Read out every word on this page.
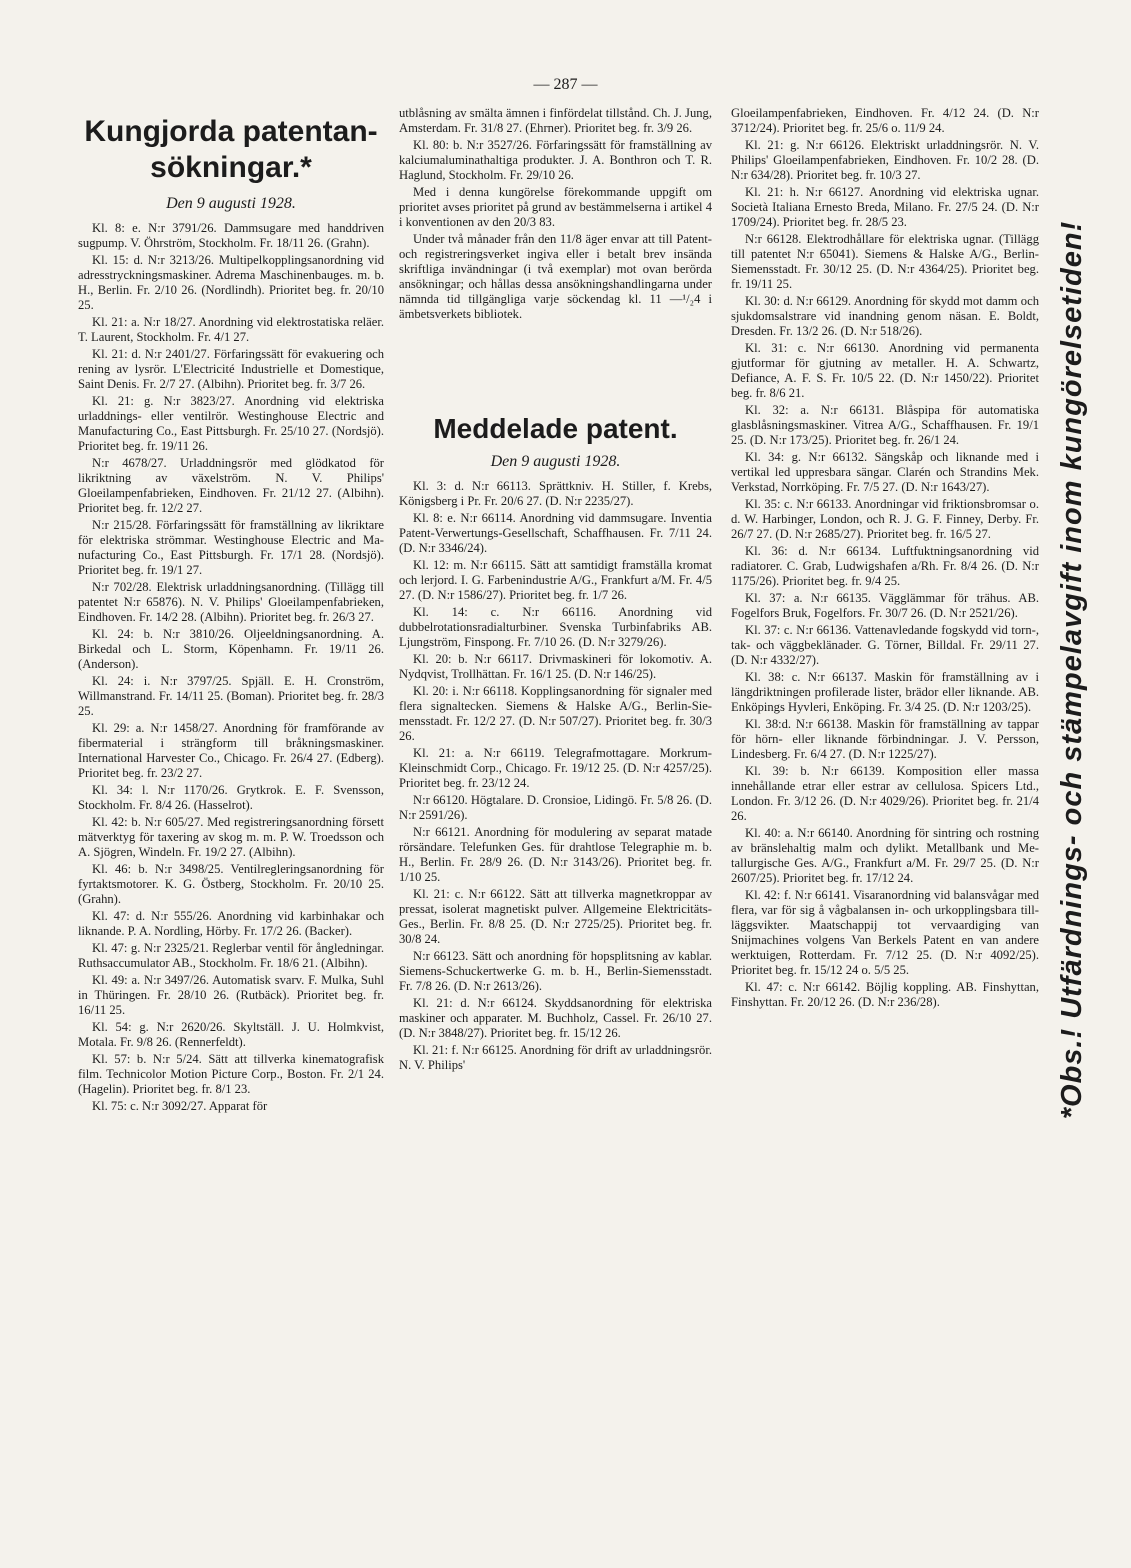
— 287 —
Kungjorda patentansökningar.*
Den 9 augusti 1928.

Kl. 8: e. N:r 3791/26. Dammsugare med handdriven sugpump. V. Öhrström, Stockholm. Fr. 18/11 26. (Grahn).

Kl. 15: d. N:r 3213/26. Multipelkopplingsanordning vid adresstryckningsmaskiner. Adrema Maschinenbauges. m. b. H., Berlin. Fr. 2/10 26. (Nordlindh). Prioritet beg. fr. 20/10 25.

Kl. 21: a. N:r 18/27. Anordning vid elektrostatiska reläer. T. Laurent, Stockholm. Fr. 4/1 27.

Kl. 21: d. N:r 2401/27. Förfaringssätt för evakuering och rening av lysrör. L'Electricité Industrielle et Domestique, Saint Denis. Fr. 2/7 27. (Albihn). Prioritet beg. fr. 3/7 26.

Kl. 21: g. N:r 3823/27. Anordning vid elektriska urladdnings- eller ventilrör. Westinghouse Electric and Manufacturing Co., East Pittsburgh. Fr. 25/10 27. (Nordsjö). Prioritet beg. fr. 19/11 26.

N:r 4678/27. Urladdningsrör med glödkatod för likriktning av växelström. N. V. Philips' Gloeilampenfabrieken, Eindhoven. Fr. 21/12 27. (Albihn). Prioritet beg. fr. 12/2 27.

N:r 215/28. Förfaringssätt för framställning av likriktare för elektriska strömmar. Westinghouse Electric and Manufacturing Co., East Pittsburgh. Fr. 17/1 28. (Nordsjö). Prioritet beg. fr. 19/1 27.

N:r 702/28. Elektrisk urladdningsanordning. (Tillägg till patentet N:r 65876). N. V. Philips' Gloeilampenfabrieken, Eindhoven. Fr. 14/2 28. (Albihn). Prioritet beg. fr. 26/3 27.

Kl. 24: b. N:r 3810/26. Oljeeldningsanordning. A. Birkedal och L. Storm, Köpenhamn. Fr. 19/11 26. (Anderson).

Kl. 24: i. N:r 3797/25. Spjäll. E. H. Cronström, Willmanstrand. Fr. 14/11 25. (Boman). Prioritet beg. fr. 28/3 25.

Kl. 29: a. N:r 1458/27. Anordning för framförande av fibermaterial i strängform till bråkningsmaskiner. International Harvester Co., Chicago. Fr. 26/4 27. (Edberg). Prioritet beg. fr. 23/2 27.

Kl. 34: l. N:r 1170/26. Grytkrok. E. F. Svensson, Stockholm. Fr. 8/4 26. (Hasselrot).

Kl. 42: b. N:r 605/27. Med registreringsanordning försett mätverktyg för taxering av skog m. m. P. W. Troedsson och A. Sjögren, Windeln. Fr. 19/2 27. (Albihn).

Kl. 46: b. N:r 3498/25. Ventilregleringsanordning för fyrtaktsmotorer. K. G. Östberg, Stockholm. Fr. 20/10 25. (Grahn).

Kl. 47: d. N:r 555/26. Anordning vid karbinhakar och liknande. P. A. Nordling, Hörby. Fr. 17/2 26. (Backer).

Kl. 47: g. N:r 2325/21. Reglerbar ventil för ångledningar. Ruthsaccumulator AB., Stockholm. Fr. 18/6 21. (Albihn).

Kl. 49: a. N:r 3497/26. Automatisk svarv. F. Mulka, Suhl in Thüringen. Fr. 28/10 26. (Rutbäck). Prioritet beg. fr. 16/11 25.

Kl. 54: g. N:r 2620/26. Skyltställ. J. U. Holmkvist, Motala. Fr. 9/8 26. (Rennerfeldt).

Kl. 57: b. N:r 5/24. Sätt att tillverka kinematografisk film. Technicolor Motion Picture Corp., Boston. Fr. 2/1 24. (Hagelin). Prioritet beg. fr. 8/1 23.

Kl. 75: c. N:r 3092/27. Apparat för

utblåsning av smälta ämnen i finfördelat tillstånd. Ch. J. Jung, Amsterdam. Fr. 31/8 27. (Ehrner). Prioritet beg. fr. 3/9 26.

Kl. 80: b. N:r 3527/26. Förfaringssätt för framställning av kalciumaluminathaltiga produkter. J. A. Bonthron och T. R. Haglund, Stockholm. Fr. 29/10 26.

Med i denna kungörelse förekommande uppgift om prioritet avses prioritet på grund av bestämmelserna i artikel 4 i konventionen av den 20/3 83.

Under två månader från den 11/8 äger envar att till Patent- och registreringsverket ingiva eller i betalt brev insända skriftliga invändningar (i två exemplar) mot ovan berörda ansökningar; och hållas dessa ansökningshandlingarna under nämnda tid tillgängliga varje söckendag kl. 11 —¹/₂4 i ämbetsverkets bibliotek.

Meddelade patent.
Den 9 augusti 1928.

Kl. 3: d. N:r 66113. Sprättkniv. H. Stiller, f. Krebs, Königsberg i Pr. Fr. 20/6 27. (D. N:r 2235/27).

Kl. 8: e. N:r 66114. Anordning vid dammsugare. Inventia Patent-Verwertungs-Gesellschaft, Schaffhausen. Fr. 7/11 24. (D. N:r 3346/24).

Kl. 12: m. N:r 66115. Sätt att samtidigt framställa kromat och lerjord. I. G. Farbenindustrie A/G., Frankfurt a/M. Fr. 4/5 27. (D. N:r 1586/27). Prioritet beg. fr. 1/7 26.

Kl. 14: c. N:r 66116. Anordning vid dubbelrotationsradialturbiner. Svenska Turbinfabriks AB. Ljungström, Finspong. Fr. 7/10 26. (D. N:r 3279/26).

Kl. 20: b. N:r 66117. Drivmaskineri för lokomotiv. A. Nydqvist, Trollhättan. Fr. 16/1 25. (D. N:r 146/25).

Kl. 20: i. N:r 66118. Kopplingsanordning för signaler med flera signaltecken. Siemens & Halske A/G., Berlin-Siemensstadt. Fr. 12/2 27. (D. N:r 507/27). Prioritet beg. fr. 30/3 26.

Kl. 21: a. N:r 66119. Telegrafmottagare. Morkrum-Kleinschmidt Corp., Chicago. Fr. 19/12 25. (D. N:r 4257/25). Prioritet beg. fr. 23/12 24.

N:r 66120. Högtalare. D. Cronsioe, Lidingö. Fr. 5/8 26. (D. N:r 2591/26).

N:r 66121. Anordning för modulering av separat matade rörsändare. Telefunken Ges. für drahtlose Telegraphie m. b. H., Berlin. Fr. 28/9 26. (D. N:r 3143/26). Prioritet beg. fr. 1/10 25.

Kl. 21: c. N:r 66122. Sätt att tillverka magnetkroppar av pressat, isolerat magnetiskt pulver. Allgemeine Elektricitäts-Ges., Berlin. Fr. 8/8 25. (D. N:r 2725/25). Prioritet beg. fr. 30/8 24.

N:r 66123. Sätt och anordning för hopsplitsning av kablar. Siemens-Schuckertwerke G. m. b. H., Berlin-Siemensstadt. Fr. 7/8 26. (D. N:r 2613/26).

Kl. 21: d. N:r 66124. Skyddsanordning för elektriska maskiner och apparater. M. Buchholz, Cassel. Fr. 26/10 27. (D. N:r 3848/27). Prioritet beg. fr. 15/12 26.

Kl. 21: f. N:r 66125. Anordning för drift av urladdningsrör. N. V. Philips'

Gloeilampenfabrieken, Eindhoven. Fr. 4/12 24. (D. N:r 3712/24). Prioritet beg. fr. 25/6 o. 11/9 24.

Kl. 21: g. N:r 66126. Elektriskt urladdningsrör. N. V. Philips' Gloeilampenfabrieken, Eindhoven. Fr. 10/2 28. (D. N:r 634/28). Prioritet beg. fr. 10/3 27.

Kl. 21: h. N:r 66127. Anordning vid elektriska ugnar. Società Italiana Ernesto Breda, Milano. Fr. 27/5 24. (D. N:r 1709/24). Prioritet beg. fr. 28/5 23.

N:r 66128. Elektrodhållare för elektriska ugnar. (Tillägg till patentet N:r 65041). Siemens & Halske A/G., Berlin-Siemensstadt. Fr. 30/12 25. (D. N:r 4364/25). Prioritet beg. fr. 19/11 25.

Kl. 30: d. N:r 66129. Anordning för skydd mot damm och sjukdomsalstrare vid inandning genom näsan. E. Boldt, Dresden. Fr. 13/2 26. (D. N:r 518/26).

Kl. 31: c. N:r 66130. Anordning vid permanenta gjutformar för gjutning av metaller. H. A. Schwartz, Defiance, A. F. S. Fr. 10/5 22. (D. N:r 1450/22). Prioritet beg. fr. 8/6 21.

Kl. 32: a. N:r 66131. Blåspipa för automatiska glasblåsningsmaskiner. Vitrea A/G., Schaffhausen. Fr. 19/1 25. (D. N:r 173/25). Prioritet beg. fr. 26/1 24.

Kl. 34: g. N:r 66132. Sängskåp och liknande med i vertikal led uppresbara sängar. Clarén och Strandins Mek. Verkstad, Norrköping. Fr. 7/5 27. (D. N:r 1643/27).

Kl. 35: c. N:r 66133. Anordningar vid friktionsbromsar o. d. W. Harbinger, London, och R. J. G. F. Finney, Derby. Fr. 26/7 27. (D. N:r 2685/27). Prioritet beg. fr. 16/5 27.

Kl. 36: d. N:r 66134. Luftfuktningsanordning vid radiatorer. C. Grab, Ludwigshafen a/Rh. Fr. 8/4 26. (D. N:r 1175/26). Prioritet beg. fr. 9/4 25.

Kl. 37: a. N:r 66135. Vägglämmar för trähus. AB. Fogelfors Bruk, Fogelfors. Fr. 30/7 26. (D. N:r 2521/26).

Kl. 37: c. N:r 66136. Vattenavledande fogskydd vid torn-, tak- och väggbeklänader. G. Törner, Billdal. Fr. 29/11 27. (D. N:r 4332/27).

Kl. 38: c. N:r 66137. Maskin för framställning av i längdriktningen profilerade lister, brädor eller liknande. AB. Enköpings Hyvleri, Enköping. Fr. 3/4 25. (D. N:r 1203/25).

Kl. 38:d. N:r 66138. Maskin för framställning av tappar för hörn- eller liknande förbindningar. J. V. Persson, Lindesberg. Fr. 6/4 27. (D. N:r 1225/27).

Kl. 39: b. N:r 66139. Komposition eller massa innehållande etrar eller estrar av cellulosa. Spicers Ltd., London. Fr. 3/12 26. (D. N:r 4029/26). Prioritet beg. fr. 21/4 26.

Kl. 40: a. N:r 66140. Anordning för sintring och rostning av bränslehaltig malm och dylikt. Metallbank und Metallurgische Ges. A/G., Frankfurt a/M. Fr. 29/7 25. (D. N:r 2607/25). Prioritet beg. fr. 17/12 24.

Kl. 42: f. N:r 66141. Visaranordning vid balansvågar med flera, var för sig å vågbalansen in- och urkopplingsbara tillläggsvikter. Maatschappij tot vervaardiging van Snijmachines volgens Van Berkels Patent en van andere werktuigen, Rotterdam. Fr. 7/12 25. (D. N:r 4092/25). Prioritet beg. fr. 15/12 24 o. 5/5 25.

Kl. 47: c. N:r 66142. Böjlig koppling. AB. Finshyttan, Finshyttan. Fr. 20/12 26. (D. N:r 236/28).	*Obs.! Utfärdnings- och stämpelavgift inom kungörelsetiden!
